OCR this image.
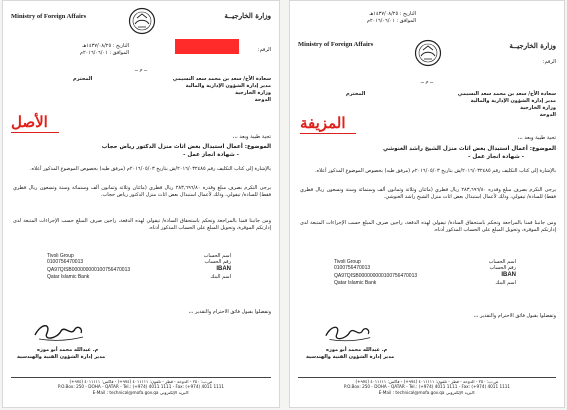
Ministry of Foreign Affairs	وزارة الخارجيــة
التاريخ : ١٤٣٧/٠٨/٢٥هـ
الموافق : ٢٠١٦/٠٦/٠١م	الرقم:
ــ م ــ
سعادة الأخ/ سعد بن محمد سعد النسيمي
المحترم
مدير إدارة الشؤون الإدارية والمالية
وزارة الخارجية
الدوحة
الأصل
تحية طيبة وبعد ،،،
الموضوع: أعمال استبدال بعض اثاث منزل الدكتور رياض حجاب
- شهادة انجاز عمل -
بالإشارة إلى كتاب التكليف رقم ٢٠١٦/٠٣٢٤٨٥/ش بتاريخ ٢٠١٦/٠٥/٠٣م (مرفق طيه) بخصوص الموضوع المذكور أعلاه.
يرجى التكرم بصرف مبلغ وقدره ٢٨٣,٦٩٦/٨٠ ريال قطري (مائتان وثلاثة وثمانون ألف وستمائة وستة وتسعون ريال قطري فقط) للسادة/ تيفولي، وذلك لأعمال استبدال بعض اثاث منزل الدكتور رياض حجاب.
ومن جانبنا قمنا بالمراجعة وتحكم باستحقاق السادة/ تيفولي لهذه الدفعة، راجين صرف المبلغ حسب الإجراءات المتبعة لدى إدارتكم الموقرة، وتحويل المبلغ على الحساب المذكور أدناه.
اسم الحساب
Tivoli Group
رقم الحساب
0100756470013
IBAN
QA97QISB000000000100756470013
اسم البنك
Qatar Islamic Bank
وتفضلوا بقبول فائق الاحترام والتقدير ،،،
م. عبدالله محمد أبو موزه
مدير إدارة الشؤون الفنية والهندسية
ص.ب: ٢٥٠ - الدوحة - قطر - تلفون: ٤٠١١١١١ (٩٧٤+) - فاكس: ٤٠١١١١١ (٩٧٤+)
P.O.Box: 250 - DOHA - QATAR - Tel.: (+974) 4011 1111 - Fax: (+974) 4011 1111
E-Mail : technical@mofa.gov.qa البريد الإلكتروني:
Ministry of Foreign Affairs	وزارة الخارجيــة
التاريخ : ١٤٣٧/٠٨/٢٥هـ
الموافق : ٢٠١٦/٠٦/٠١م
الرقم:
ــ م ــ
سعادة الأخ/ سعد بن محمد سعد النسيمي
المحترم
مدير إدارة الشؤون الإدارية والمالية
وزارة الخارجية
الدوحة
المزيفة
تحية طيبة وبعد ،،،
الموضوع: أعمال استبدال بعض اثاث منزل الشيخ راشد الغنوشي
- شهادة انجاز عمل -
بالإشارة إلى كتاب التكليف رقم ٢٠١٦/٠٣٢٤٨٥/ش بتاريخ ٢٠١٦/٠٥/٠٣م (مرفق طيه) بخصوص الموضوع المذكور أعلاه.
يرجى التكرم بصرف مبلغ وقدره ٢٨٣,٦٩٦/٨٠ ريال قطري (مائتان وثلاثة وثمانون ألف وستمائة وستة وتسعون ريال قطري فقط) للسادة/ تيفولي، وذلك لأعمال استبدال بعض اثاث منزل الشيخ راشد الغنوشي.
ومن جانبنا قمنا بالمراجعة وتحكم باستحقاق السادة/ تيفولي لهذه الدفعة، راجين صرف المبلغ حسب الإجراءات المتبعة لدى إدارتكم الموقرة، وتحويل المبلغ على الحساب المذكور أدناه.
اسم الحساب
Tivoli Group
رقم الحساب
0100756470013
IBAN
QA97QISB000000000100756470013
اسم البنك
Qatar Islamic Bank
وتفضلوا بقبول فائق الاحترام والتقدير ،،،
م. عبدالله محمد أبو موزه
مدير إدارة الشؤون الفنية والهندسية
ص.ب: ٢٥٠ - الدوحة - قطر - تلفون: ٤٠١١١١١ (٩٧٤+) - فاكس: ٤٠١١١١١ (٩٧٤+)
P.O.Box: 250 - DOHA - QATAR - Tel.: (+974) 4011 1111 - Fax: (+974) 4011 1111
E-Mail : technical@mofa.gov.qa البريد الإلكتروني:
